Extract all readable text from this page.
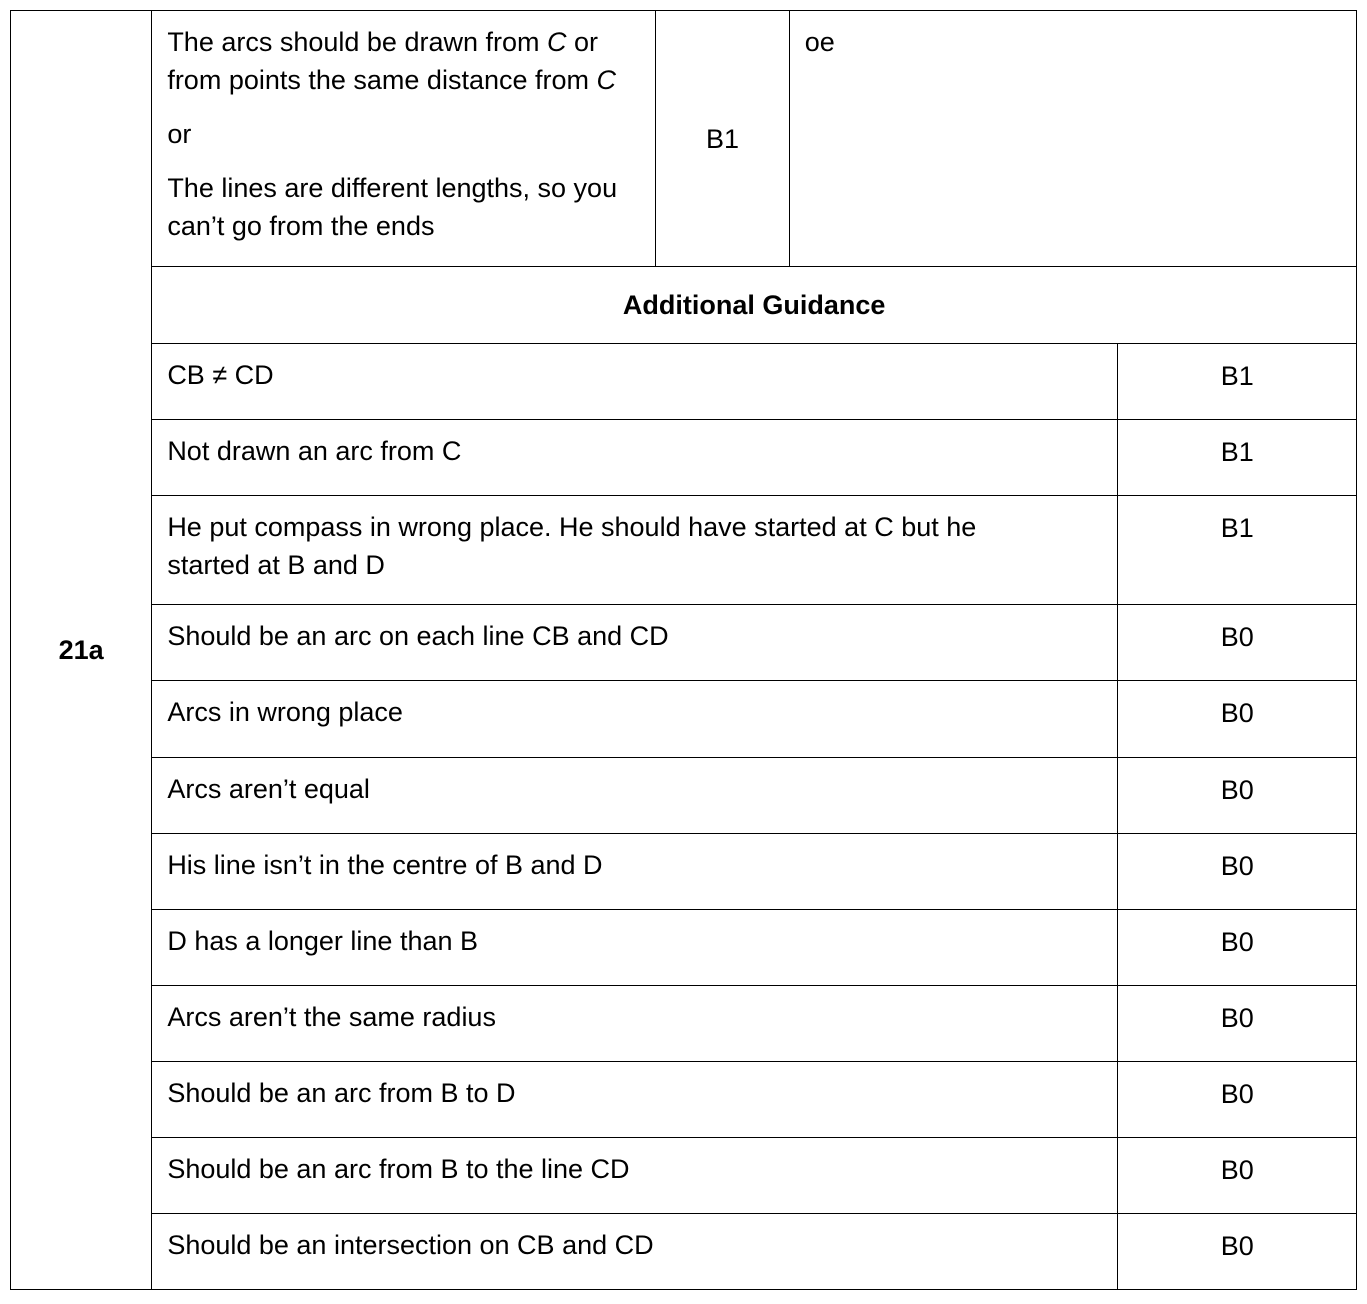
21a	The arcs should be drawn from C or

from points the same distance from C

or

The lines are different lengths, so you

can’t go from the ends	B1	oe	
	Additional Guidance			
	CB ≠ CD			B1
	Not drawn an arc from C			B1

	He put compass in wrong place. He should have started at C but he
started at B and D			B1
	Should be an arc on each line CB and CD			B0
	Arcs in wrong place			B0
	Arcs aren’t equal			B0
	His line isn’t in the centre of B and D			B0
	D has a longer line than B			B0
	Arcs aren’t the same radius			B0
	Should be an arc from B to D			B0
	Should be an arc from B to the line CD			B0
	Should be an intersection on CB and CD			B0
